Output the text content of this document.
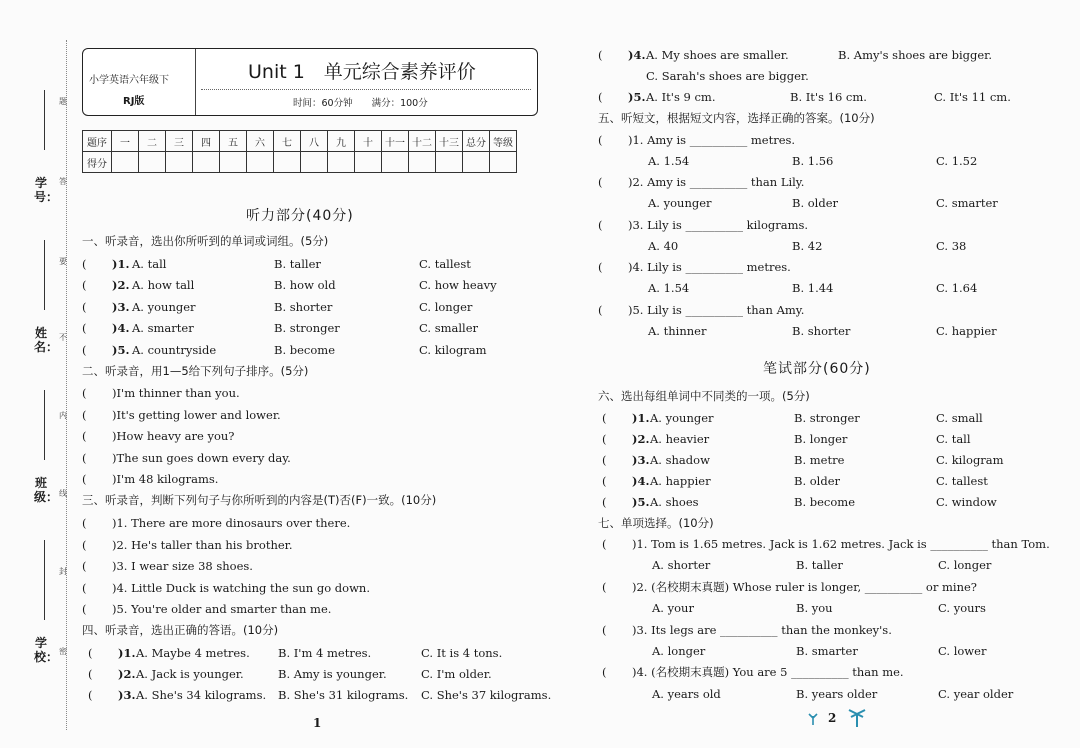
学号：
姓名：
班级：
学校：
题
答
要
不
内
线
封
密
小学英语六年级下
RJ版
Unit 1　单元综合素养评价
时间：60分钟　　满分：100分
题序	一	二	三	四	五	六	七	八	九	十	十一	十二	十三	总分	等级
得分															
听力部分(40分)
一、听录音，选出你所听到的单词或词组。(5分)
( )1. A. tall	B. taller	C. tallest
( )2. A. how tall	B. how old	C. how heavy
( )3. A. younger	B. shorter	C. longer
( )4. A. smarter	B. stronger	C. smaller
( )5. A. countryside	B. become	C. kilogram
二、听录音，用1—5给下列句子排序。(5分)
( )I'm thinner than you.
( )It's getting lower and lower.
( )How heavy are you?
( )The sun goes down every day.
( )I'm 48 kilograms.
三、听录音，判断下列句子与你所听到的内容是(T)否(F)一致。(10分)
( )1. There are more dinosaurs over there.
( )2. He's taller than his brother.
( )3. I wear size 38 shoes.
( )4. Little Duck is watching the sun go down.
( )5. You're older and smarter than me.
四、听录音，选出正确的答语。(10分)
( )1. A. Maybe 4 metres. B. I'm 4 metres.	C. It is 4 tons.
( )2. A. Jack is younger.	B. Amy is younger.	C. I'm older.
( )3. A. She's 34 kilograms. B. She's 31 kilograms. C. She's 37 kilograms.
1
( )4. A. My shoes are smaller.	B. Amy's shoes are bigger.
C. Sarah's shoes are bigger.
( )5. A. It's 9 cm.	B. It's 16 cm.	C. It's 11 cm.
五、听短文，根据短文内容，选择正确的答案。(10分)
( )1. Amy is __________ metres.
A. 1.54	B. 1.56	C. 1.52
( )2. Amy is __________ than Lily.
A. younger	B. older	C. smarter
( )3. Lily is __________ kilograms.
A. 40	B. 42	C. 38
( )4. Lily is __________ metres.
A. 1.54	B. 1.44	C. 1.64
( )5. Lily is __________ than Amy.
A. thinner	B. shorter	C. happier
笔试部分(60分)
六、选出每组单词中不同类的一项。(5分)
( )1. A. younger	B. stronger	C. small
( )2. A. heavier	B. longer	C. tall
( )3. A. shadow	B. metre	C. kilogram
( )4. A. happier	B. older	C. tallest
( )5. A. shoes	B. become	C. window
七、单项选择。(10分)
( )1. Tom is 1.65 metres. Jack is 1.62 metres. Jack is __________ than Tom.
A. shorter	B. taller	C. longer
( )2. (名校期末真题) Whose ruler is longer, __________ or mine?
A. your	B. you	C. yours
( )3. Its legs are __________ than the monkey's.
A. longer	B. smarter	C. lower
( )4. (名校期末真题) You are 5 __________ than me.
A. years old	B. years older	C. year older
2
